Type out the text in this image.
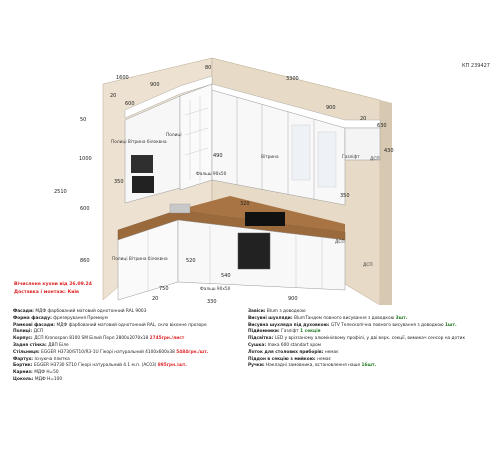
КП 239427
3300
1600
900
80
900
600
20
20
630
430
50
1000
2510
600
860
750
900
540
20	330
350
490
320
520
350
Полиці
Полиці Вітрина білоквна
Вітрина	Газліфт ДСП
ДСП
ДСП
Фальш 90х50
Фальш 90х50
Полиці Вітрина білоквна
Вічисленя кухни від 26.09.24
Доставка і монтаж: Київ
Фасади: МДФ фарбований матовий однотонний RAL 9003
Форма фасаду: фрезерування Премиум
Рамкові фасади: МДФ фарбований матовий однотонний RAL, скло віконне прозоре
Полиці: ДСП
Корпус: ДСП Kronospan 8100 SM Білий Перл 2800х2070х18 2745грн./лист
Задня стінка: ДВП Білe
Стільниця: EGGER H3730/ST10/R3-1U Гікорі натуральний 4100х600х38 5484грн./шт.
Фартух: Існуюча плитка
Бортик: EGGER H3730 ST10 Гікорі натуральний 4.1 м.п. (АС03) 895грн./шт.
Карниз: МДФ Н=50
Цоколь: МДФ Н=100
Завіси: Blum з доводкою
Висувні шухляди: BlumТандем повного висування з доводкою 3шт.
Висувна шухляда під духовкою: GTV Телескопічна повного висування з доводкою 1шт.
Підйомники: Газліфт 1 секція
Підсвітка: LED у вріззаному алюмінієвому профілі, у дві верх. секції, вимикач сенсор на дотик
Сушка: Іпока 600 standart хром
Лоток для столових приборів: немає
Піддон в секцію з мийкою: немає
Ручки: Накладні замовника, встановлення наше 16шт.
